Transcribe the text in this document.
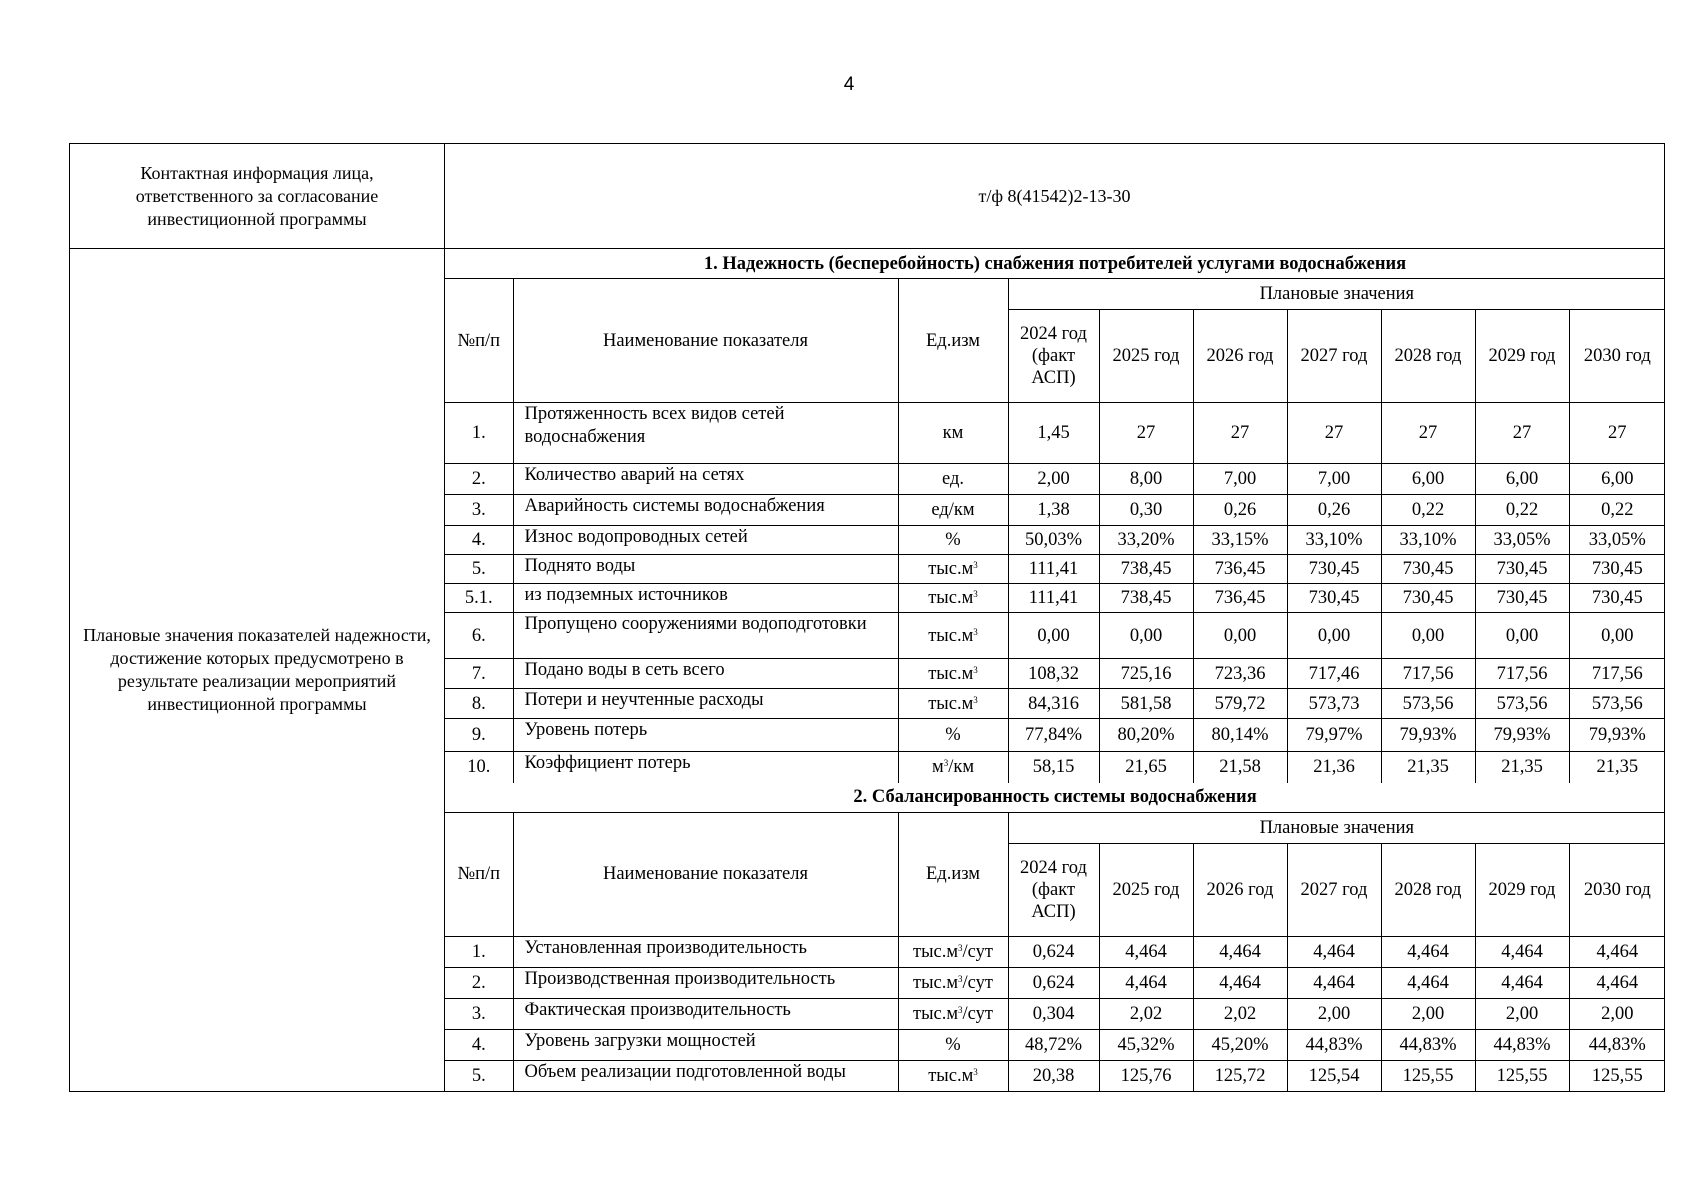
4
Контактная информация лица, ответственного за согласование инвестиционной программы	т/ф 8(41542)2-13-30
Плановые значения показателей надежности, достижение которых предусмотрено в результате реализации мероприятий инвестиционной программы	
1. Надежность (бесперебойность) снабжения потребителей услугами водоснабжения
№п/п	Наименование показателя	Ед.изм	Плановые значения
2024 год (факт АСП)	2025 год	2026 год	2027 год	2028 год	2029 год	2030 год
1.	Протяженность всех видов сетей водоснабжения	км	1,45	27	27	27	27	27	27
2.	Количество аварий на сетях	ед.	2,00	8,00	7,00	7,00	6,00	6,00	6,00
3.	Аварийность системы водоснабжения	ед/км	1,38	0,30	0,26	0,26	0,22	0,22	0,22
4.	Износ водопроводных сетей	%	50,03%	33,20%	33,15%	33,10%	33,10%	33,05%	33,05%
5.	Поднято воды	$тыс.м^3$	111,41	738,45	736,45	730,45	730,45	730,45	730,45
5.1.	из подземных источников	$тыс.м^3$	111,41	738,45	736,45	730,45	730,45	730,45	730,45
6.	Пропущено сооружениями водоподготовки	$тыс.м^3$	0,00	0,00	0,00	0,00	0,00	0,00	0,00
7.	Подано воды в сеть всего	$тыс.м^3$	108,32	725,16	723,36	717,46	717,56	717,56	717,56
8.	Потери и неучтенные расходы	$тыс.м^3$	84,316	581,58	579,72	573,73	573,56	573,56	573,56
9.	Уровень потерь	%	77,84%	80,20%	80,14%	79,97%	79,93%	79,93%	79,93%
10.	Коэффициент потерь	$м^3/км$	58,15	21,65	21,58	21,36	21,35	21,35	21,35
2. Сбалансированность системы водоснабжения
№п/п	Наименование показателя	Ед.изм	Плановые значения
2024 год (факт АСП)	2025 год	2026 год	2027 год	2028 год	2029 год	2030 год
1.	Установленная производительность	$тыс.м^3$/сут	0,624	4,464	4,464	4,464	4,464	4,464	4,464
2.	Производственная производительность	$тыс.м^3$/сут	0,624	4,464	4,464	4,464	4,464	4,464	4,464
3.	Фактическая производительность	$тыс.м^3$/сут	0,304	2,02	2,02	2,00	2,00	2,00	2,00
4.	Уровень загрузки мощностей	%	48,72%	45,32%	45,20%	44,83%	44,83%	44,83%	44,83%
5.	Объем реализации подготовленной воды	$тыс.м^3$	20,38	125,76	125,72	125,54	125,55	125,55	125,55
